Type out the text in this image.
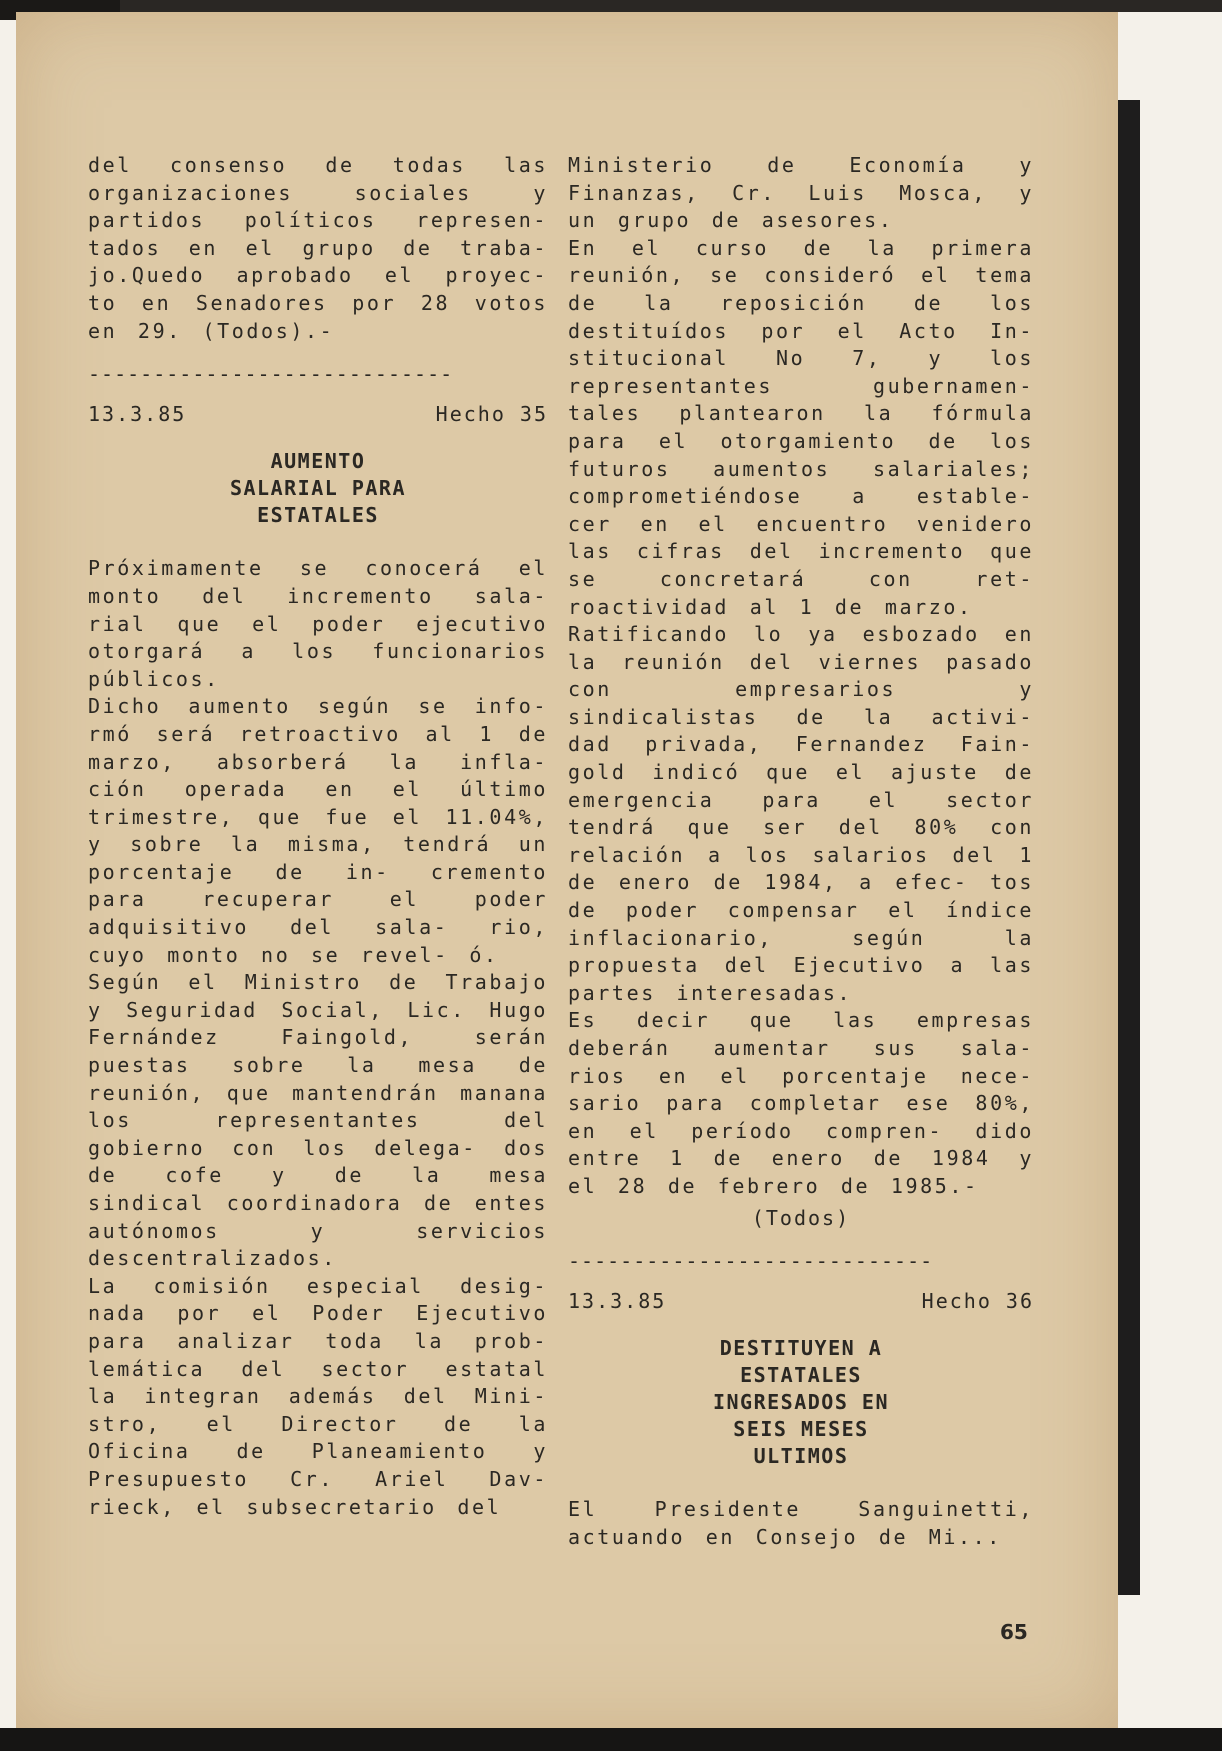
del consenso de todas las organizaciones sociales y partidos políticos represen- tados en el grupo de traba- jo.Quedo aprobado el proyec- to en Senadores por 28 votos en 29. (Todos).-

----------------------------
13.3.85	Hecho 35
AUMENTO
SALARIAL PARA
ESTATALES

Próximamente se conocerá el monto del incremento sala- rial que el poder ejecutivo otorgará a los funcionarios públicos.

Dicho aumento según se info- rmó será retroactivo al 1 de marzo, absorberá la infla- ción operada en el último trimestre, que fue el 11.04%, y sobre la misma, tendrá un porcentaje de in- cremento para recuperar el poder adquisitivo del sala- rio, cuyo monto no se revel- ó.

Según el Ministro de Trabajo y Seguridad Social, Lic. Hugo Fernández Faingold, serán puestas sobre la mesa de reunión, que mantendrán manana los representantes del gobierno con los delega- dos de cofe y de la mesa sindical coordinadora de entes autónomos y servicios descentralizados.

La comisión especial desig- nada por el Poder Ejecutivo para analizar toda la prob- lemática del sector estatal la integran además del Mini- stro, el Director de la Oficina de Planeamiento y Presupuesto Cr. Ariel Dav- rieck, el subsecretario del

Ministerio de Economía y Finanzas, Cr. Luis Mosca, y un grupo de asesores.

En el curso de la primera reunión, se consideró el tema de la reposición de los destituídos por el Acto In- stitucional No 7, y los representantes gubernamen- tales plantearon la fórmula para el otorgamiento de los futuros aumentos salariales; comprometiéndose a estable- cer en el encuentro venidero las cifras del incremento que se concretará con ret- roactividad al 1 de marzo.

Ratificando lo ya esbozado en la reunión del viernes pasado con empresarios y sindicalistas de la activi- dad privada, Fernandez Fain- gold indicó que el ajuste de emergencia para el sector tendrá que ser del 80% con relación a los salarios del 1 de enero de 1984, a efec- tos de poder compensar el índice inflacionario, según la propuesta del Ejecutivo a las partes interesadas.

Es decir que las empresas deberán aumentar sus sala- rios en el porcentaje nece- sario para completar ese 80%, en el período compren- dido entre 1 de enero de 1984 y el 28 de febrero de 1985.-

(Todos)
----------------------------
13.3.85	Hecho 36
DESTITUYEN A
ESTATALES
INGRESADOS EN
SEIS MESES
ULTIMOS

El Presidente Sanguinetti, actuando en Consejo de Mi...

65
